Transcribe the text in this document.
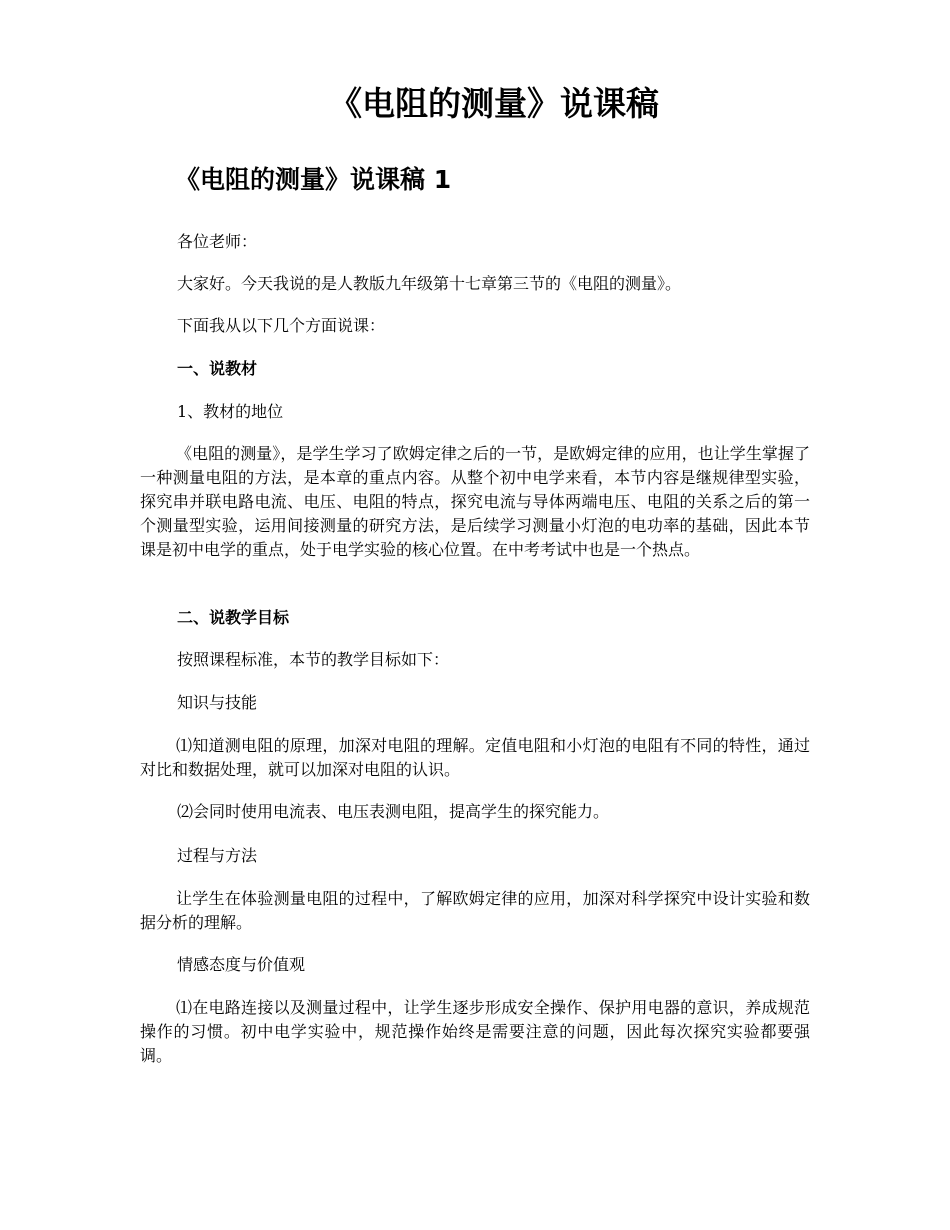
《电阻的测量》说课稿
《电阻的测量》说课稿 1

各位老师：

大家好。今天我说的是人教版九年级第十七章第三节的《电阻的测量》。

下面我从以下几个方面说课：

一、说教材

1、教材的地位

《电阻的测量》，是学生学习了欧姆定律之后的一节，是欧姆定律的应用，也让学生掌握了一种测量电阻的方法，是本章的重点内容。从整个初中电学来看，本节内容是继规律型实验，探究串并联电路电流、电压、电阻的特点，探究电流与导体两端电压、电阻的关系之后的第一个测量型实验，运用间接测量的研究方法，是后续学习测量小灯泡的电功率的基础，因此本节课是初中电学的重点，处于电学实验的核心位置。在中考考试中也是一个热点。

二、说教学目标

按照课程标准，本节的教学目标如下：

知识与技能

⑴知道测电阻的原理，加深对电阻的理解。定值电阻和小灯泡的电阻有不同的特性，通过对比和数据处理，就可以加深对电阻的认识。

⑵会同时使用电流表、电压表测电阻，提高学生的探究能力。

过程与方法

让学生在体验测量电阻的过程中，了解欧姆定律的应用，加深对科学探究中设计实验和数据分析的理解。

情感态度与价值观

⑴在电路连接以及测量过程中，让学生逐步形成安全操作、保护用电器的意识，养成规范操作的习惯。初中电学实验中，规范操作始终是需要注意的问题，因此每次探究实验都要强调。
